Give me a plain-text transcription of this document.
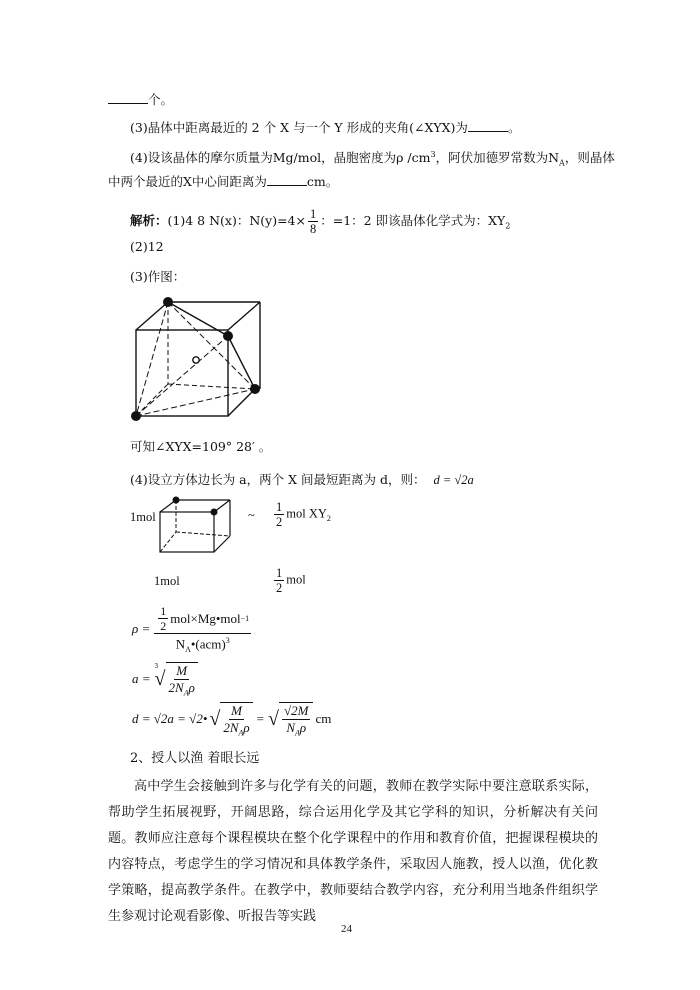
个。
(3)晶体中距离最近的 2 个 X 与一个 Y 形成的夹角(∠XYX)为	。
(4)设该晶体的摩尔质量为Mg/mol，晶胞密度为ρ $/cm^3$，阿伏加德罗常数为$N_A$，则晶体
中两个最近的X中心间距离为	cm。
解析：(1)4 8 N(x)：$N(y)=4\times \frac{1}{8}$ ：=1：2 即该晶体化学式为：$XY_2$
(2)12
(3)作图：
可知∠XYX=109° 28′ 。
(4)设立方体边长为 a，两个 X 间最短距离为 d，则： d = √2a
1mol	~ $\frac{1}{2}$ mol $XY_2$
1mol	$\frac{1}{2}$ mol
$\rho = \frac{1}{2}$ mol×Mg•mol −1
$N_A•(acm)^3$
a =
3
√ M
$2N_A\rho$
d = √2a = √2• √ M
$2N_A\rho$
= √ √2M
$N_A\rho$
cm
2、授人以渔 着眼长远
高中学生会接触到许多与化学有关的问题，教师在教学实际中要注意联系实际，帮助学生拓展视野，开阔思路，综合运用化学及其它学科的知识，分析解决有关问题。教师应注意每个课程模块在整个化学课程中的作用和教育价值，把握课程模块的内容特点，考虑学生的学习情况和具体教学条件，采取因人施教，授人以渔，优化教学策略，提高教学条件。在教学中，教师要结合教学内容，充分利用当地条件组织学生参观讨论观看影像、听报告等实践
24
